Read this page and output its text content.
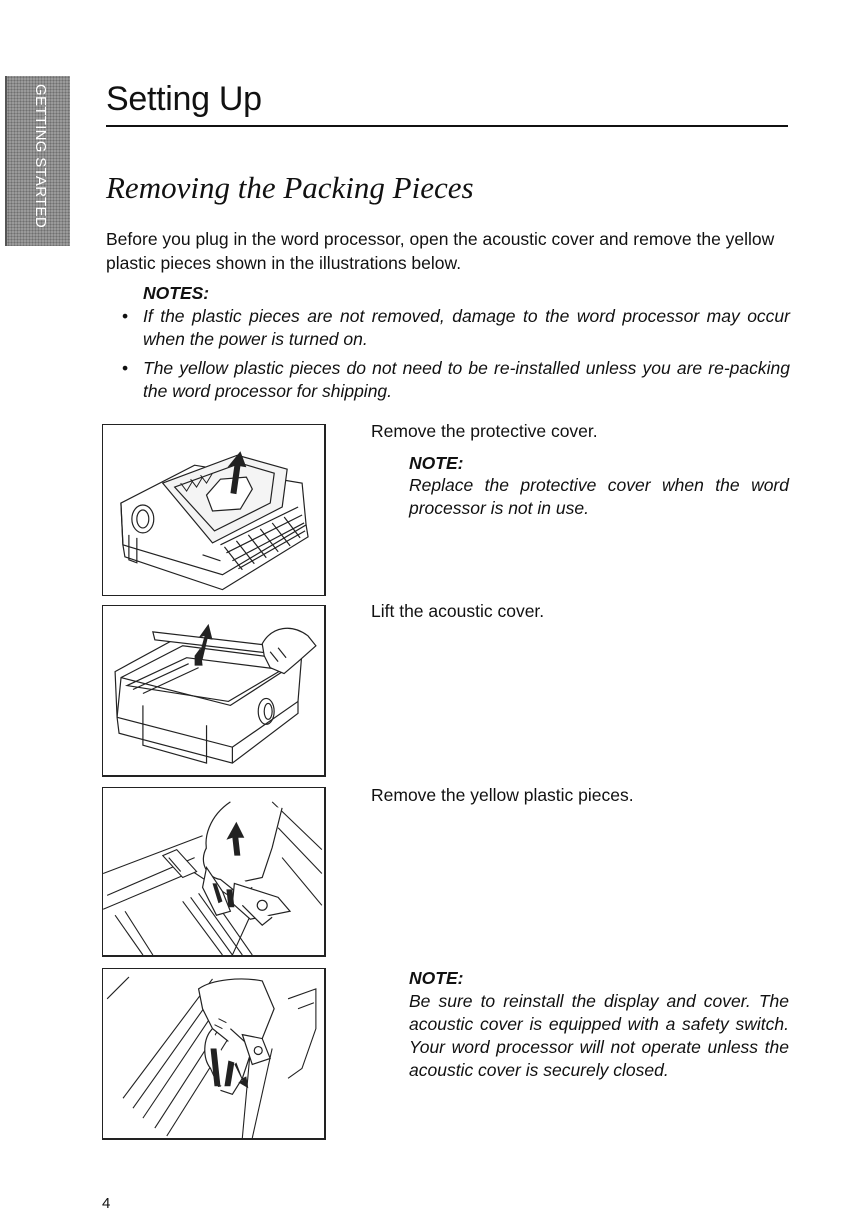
GETTING STARTED Setting Up
Removing the Packing Pieces

Before you plug in the word processor, open the acoustic cover and remove the yellow plastic pieces shown in the illustrations below.

NOTES:
• If the plastic pieces are not removed, damage to the word processor may occur when the power is turned on.
• The yellow plastic pieces do not need to be re-installed unless you are re-packing the word processor for shipping.

Remove the protective cover.

NOTE:

Replace the protective cover when the word processor is not in use.

Lift the acoustic cover.

Remove the yellow plastic pieces.

NOTE:

Be sure to reinstall the display and cover. The acoustic cover is equipped with a safety switch. Your word processor will not operate unless the acoustic cover is securely closed.

4
